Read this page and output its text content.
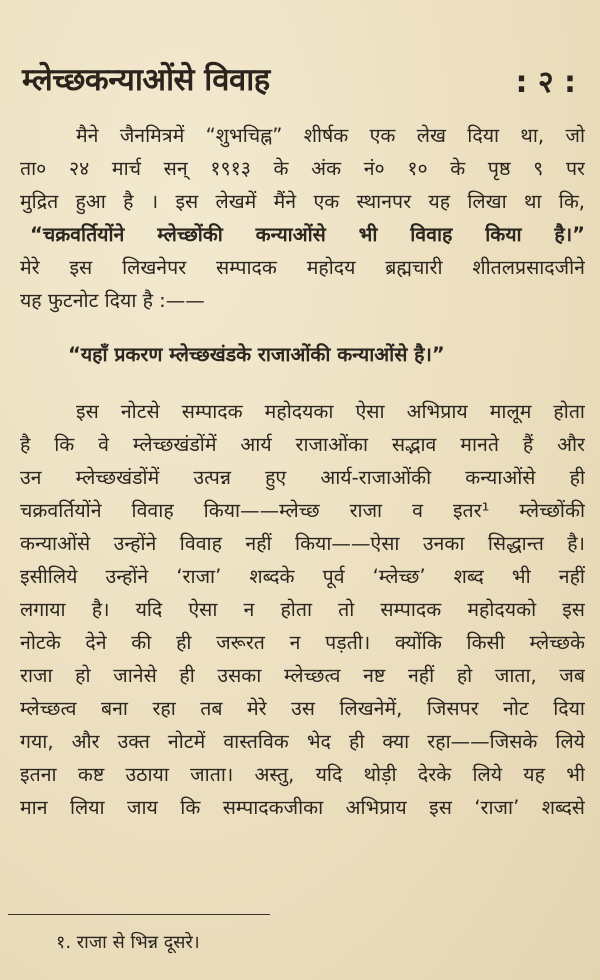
म्लेच्छकन्याओंसे विवाह	: २ :
मैने जैनमित्रमें “शुभचिह्न” शीर्षक एक लेख दिया था, जो
ता० २४ मार्च सन् १९१३ के अंक नं० १० के पृष्ठ ९ पर
मुद्रित हुआ है । इस लेखमें मैंने एक स्थानपर यह लिखा था कि,
“चक्रवर्तियोंने म्लेच्छोंकी कन्याओंसे भी विवाह किया है।”
मेरे इस लिखनेपर सम्पादक महोदय ब्रह्मचारी शीतलप्रसादजीने
यह फुटनोट दिया है :——
“यहाँ प्रकरण म्लेच्छखंडके राजाओंकी कन्याओंसे है।”
इस नोटसे सम्पादक महोदयका ऐसा अभिप्राय मालूम होता
है कि वे म्लेच्छखंडोंमें आर्य राजाओंका सद्भाव मानते हैं और
उन म्लेच्छखंडोंमें उत्पन्न हुए आर्य-राजाओंकी कन्याओंसे ही
चक्रवर्तियोंने विवाह किया——म्लेच्छ राजा व इतर¹ म्लेच्छोंकी
कन्याओंसे उन्होंने विवाह नहीं किया——ऐसा उनका सिद्धान्त है।
इसीलिये उन्होंने ‘राजा’ शब्दके पूर्व ‘म्लेच्छ’ शब्द भी नहीं
लगाया है। यदि ऐसा न होता तो सम्पादक महोदयको इस
नोटके देने की ही जरूरत न पड़ती। क्योंकि किसी म्लेच्छके
राजा हो जानेसे ही उसका म्लेच्छत्व नष्ट नहीं हो जाता, जब
म्लेच्छत्व बना रहा तब मेरे उस लिखनेमें, जिसपर नोट दिया
गया, और उक्त नोटमें वास्तविक भेद ही क्या रहा——जिसके लिये
इतना कष्ट उठाया जाता। अस्तु, यदि थोड़ी देरके लिये यह भी
मान लिया जाय कि सम्पादकजीका अभिप्राय इस ‘राजा’ शब्दसे
१. राजा से भिन्न दूसरे।
